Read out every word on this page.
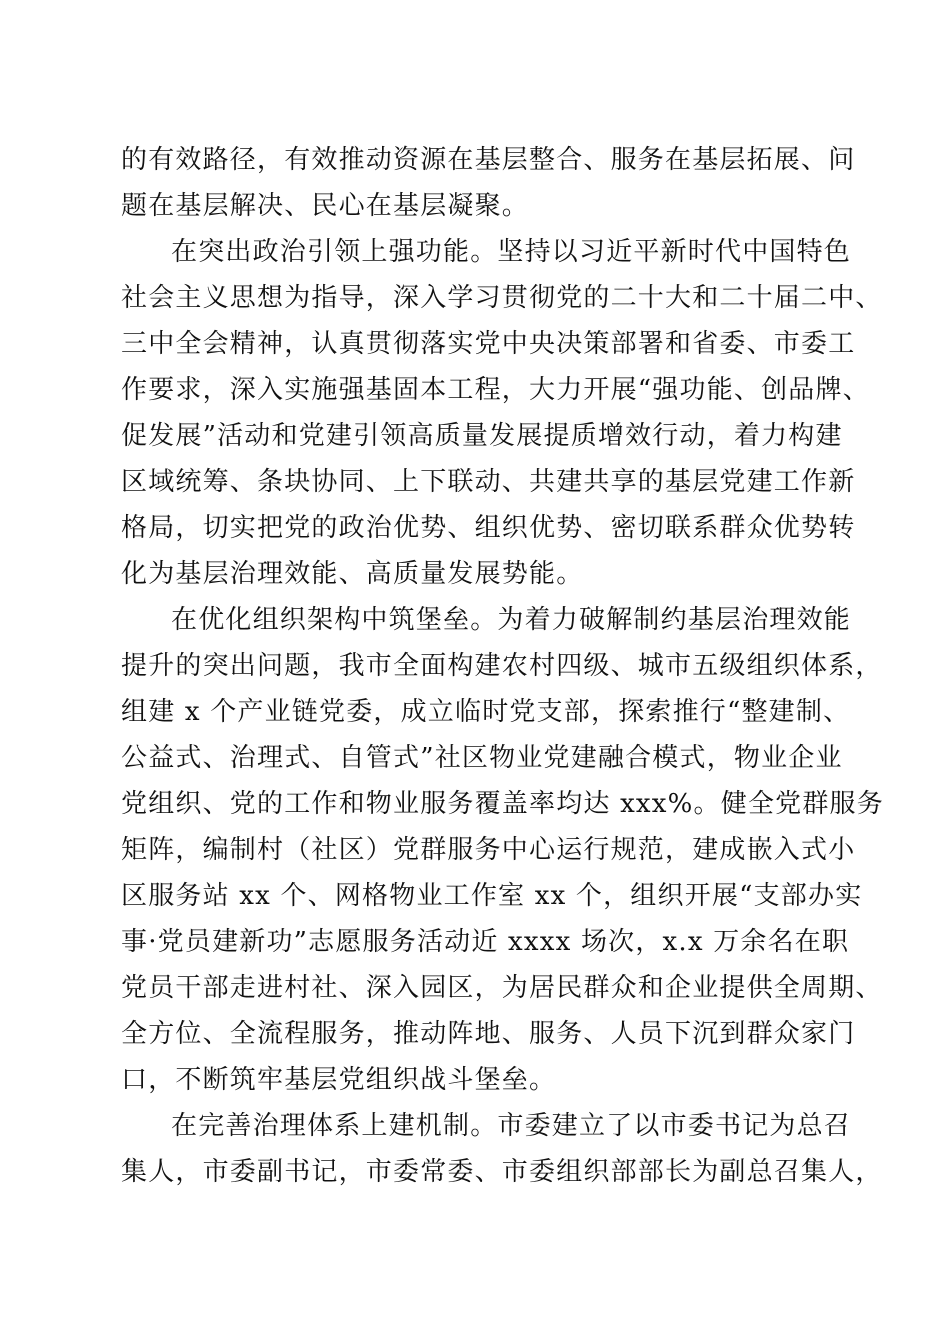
的有效路径，有效推动资源在基层整合、服务在基层拓展、问
题在基层解决、民心在基层凝聚。
在突出政治引领上强功能。坚持以习近平新时代中国特色
社会主义思想为指导，深入学习贯彻党的二十大和二十届二中、
三中全会精神，认真贯彻落实党中央决策部署和省委、市委工
作要求，深入实施强基固本工程，大力开展“强功能、创品牌、
促发展”活动和党建引领高质量发展提质增效行动，着力构建
区域统筹、条块协同、上下联动、共建共享的基层党建工作新
格局，切实把党的政治优势、组织优势、密切联系群众优势转
化为基层治理效能、高质量发展势能。
在优化组织架构中筑堡垒。为着力破解制约基层治理效能
提升的突出问题，我市全面构建农村四级、城市五级组织体系，
组建 x 个产业链党委，成立临时党支部，探索推行“整建制、
公益式、治理式、自管式”社区物业党建融合模式，物业企业
党组织、党的工作和物业服务覆盖率均达 xxx%。健全党群服务
矩阵，编制村（社区）党群服务中心运行规范，建成嵌入式小
区服务站 xx 个、网格物业工作室 xx 个，组织开展“支部办实
事·党员建新功”志愿服务活动近 xxxx 场次，x.x 万余名在职
党员干部走进村社、深入园区，为居民群众和企业提供全周期、
全方位、全流程服务，推动阵地、服务、人员下沉到群众家门
口，不断筑牢基层党组织战斗堡垒。
在完善治理体系上建机制。市委建立了以市委书记为总召
集人，市委副书记，市委常委、市委组织部部长为副总召集人，
